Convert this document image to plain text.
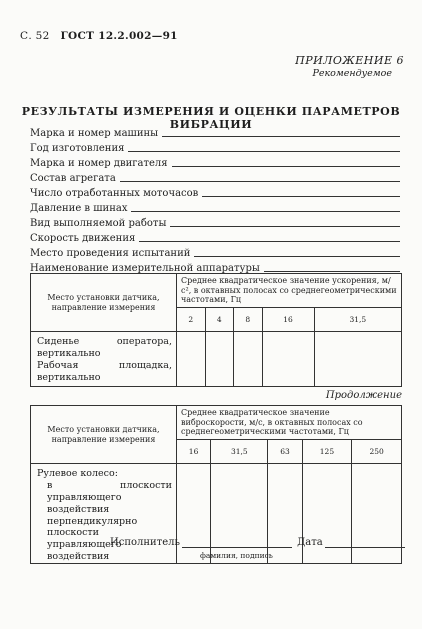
С. 52 ГОСТ 12.2.002—91
ПРИЛОЖЕНИЕ 6
Рекомендуемое
РЕЗУЛЬТАТЫ ИЗМЕРЕНИЯ И ОЦЕНКИ ПАРАМЕТРОВ ВИБРАЦИИ
Марка и номер машины
Год изготовления
Марка и номер двигателя
Состав агрегата
Число отработанных моточасов
Давление в шинах
Вид выполняемой работы
Скорость движения
Место проведения испытаний
Наименование измерительной аппаратуры
Место установки датчика, направление измерения	Среднее квадратическое значение ускорения, м/с², в октавных полосах со среднегеометрическими частотами, Гц				
	2	4	8	16	31,5

Сиденье оператора, вертикально
Рабочая площадка, вертикально					

Продолжение
Место установки датчика, направление измерения	Среднее квадратическое значение виброскорости, м/с, в октавных полосах со среднегеометрическими частотами, Гц				
	16	31,5	63	125	250

Рулевое колесо:
в плоскости управляющего воздействия
перпендикулярно плоскости управляющего воздействия					

Исполнитель	Дата
фамилия, подпись
